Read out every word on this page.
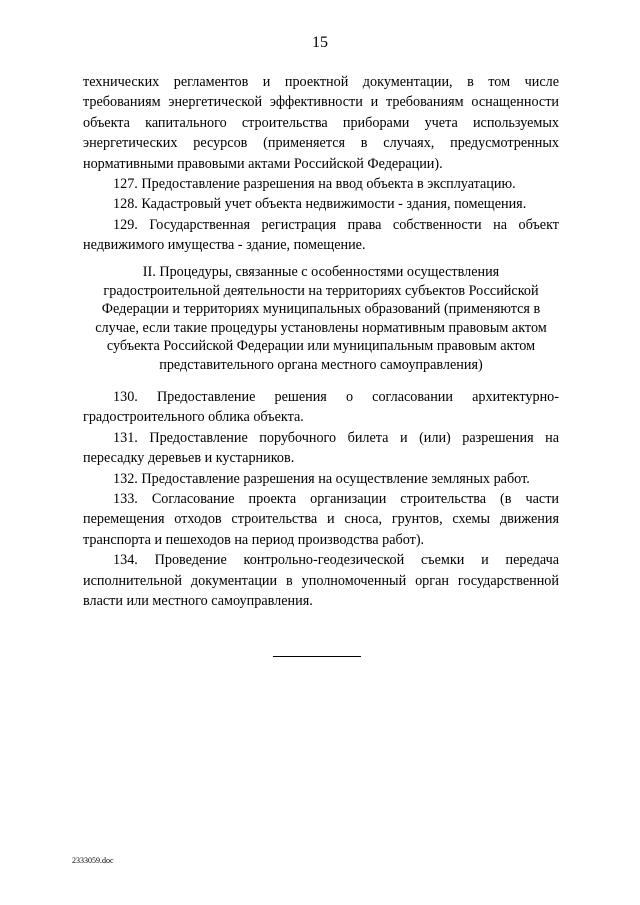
15

технических регламентов и проектной документации, в том числе требованиям энергетической эффективности и требованиям оснащенности объекта капитального строительства приборами учета используемых энергетических ресурсов (применяется в случаях, предусмотренных нормативными правовыми актами Российской Федерации).

127. Предоставление разрешения на ввод объекта в эксплуатацию.

128. Кадастровый учет объекта недвижимости - здания, помещения.

129. Государственная регистрация права собственности на объект недвижимого имущества - здание, помещение.

II. Процедуры, связанные с особенностями осуществления градостроительной деятельности на территориях субъектов Российской Федерации и территориях муниципальных образований (применяются в случае, если такие процедуры установлены нормативным правовым актом субъекта Российской Федерации или муниципальным правовым актом представительного органа местного самоуправления)

130. Предоставление решения о согласовании архитектурно-градостроительного облика объекта.

131. Предоставление порубочного билета и (или) разрешения на пересадку деревьев и кустарников.

132. Предоставление разрешения на осуществление земляных работ.

133. Согласование проекта организации строительства (в части перемещения отходов строительства и сноса, грунтов, схемы движения транспорта и пешеходов на период производства работ).

134. Проведение контрольно-геодезической съемки и передача исполнительной документации в уполномоченный орган государственной власти или местного самоуправления.

2333059.doc
